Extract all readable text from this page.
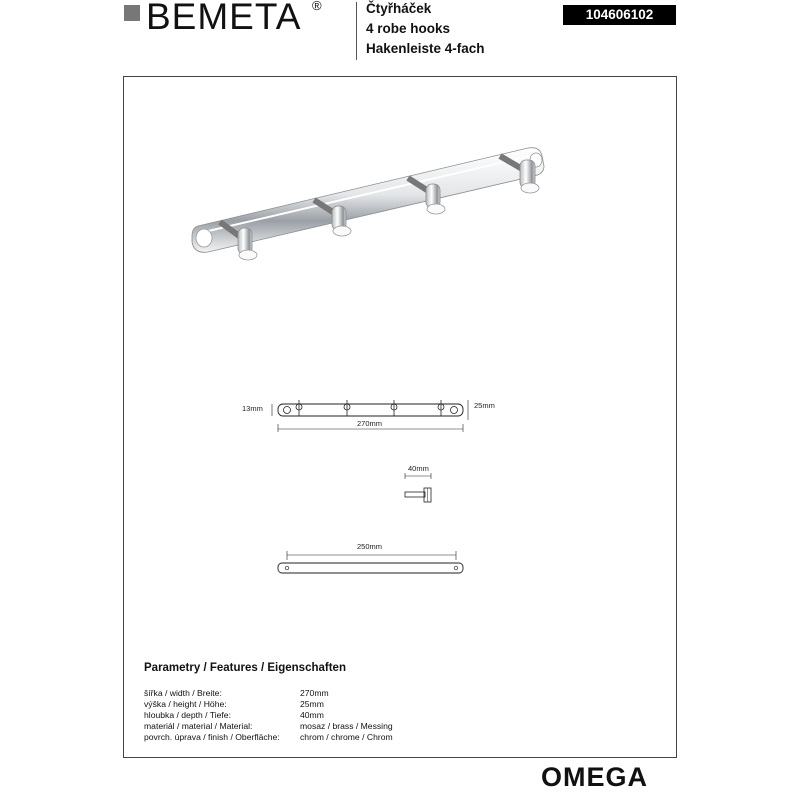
BEMETA ®	Čtyřháček
4 robe hooks
Hakenleiste 4-fach
104606102
13mm	25mm
270mm
40mm
250mm
Parametry / Features / Eigenschaften
šířka / width / Breite:	270mm
výška / height / Höhe:	25mm
hloubka / depth / Tiefe:	40mm
materiál / material / Material:	mosaz / brass / Messing
povrch. úprava / finish / Oberfläche: chrom / chrome / Chrom
OMEGA
